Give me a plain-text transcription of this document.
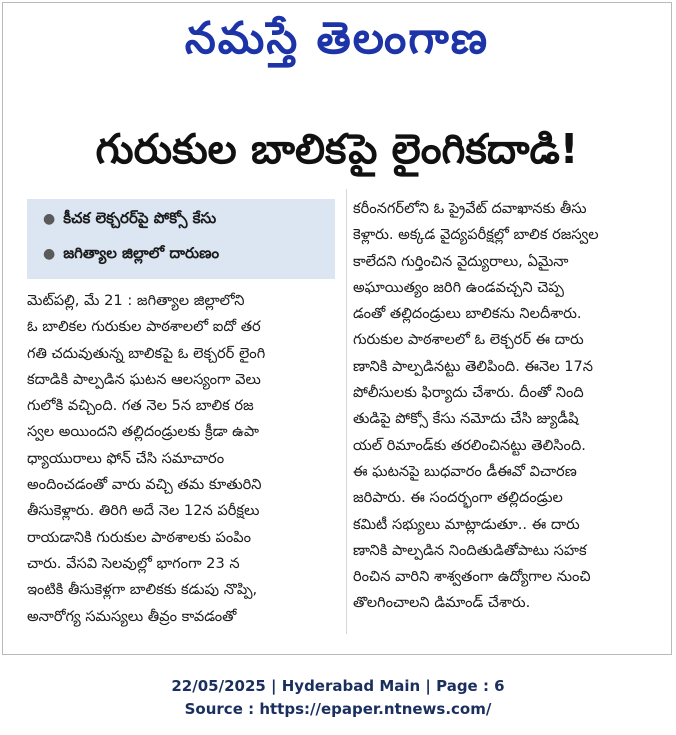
నమస్తే తెలంగాణ
గురుకుల బాలికపై లైంగికదాడి!
● కీచక లెక్చరర్‌పై పోక్సో కేసు
● జగిత్యాల జిల్లాలో దారుణం
మెట్‌పల్లి, మే 21 : జగిత్యాల జిల్లాలోని
ఓ బాలికల గురుకుల పాఠశాలలో ఐదో తర
గతి చదువుతున్న బాలికపై ఓ లెక్చరర్ లైంగి
కదాడికి పాల్పడిన ఘటన ఆలస్యంగా వెలు
గులోకి వచ్చింది. గత నెల 5న బాలిక రజ
స్వల అయిందని తల్లిదండ్రులకు క్రీడా ఉపా
ధ్యాయురాలు ఫోన్ చేసి సమాచారం
అందించడంతో వారు వచ్చి తమ కూతురిని
తీసుకెళ్లారు. తిరిగి అదే నెల 12న పరీక్షలు
రాయడానికి గురుకుల పాఠశాలకు పంపిం
చారు. వేసవి సెలవుల్లో భాగంగా 23 న
ఇంటికి తీసుకెళ్లగా బాలికకు కడుపు నొప్పి,
అనారోగ్య సమస్యలు తీవ్రం కావడంతో
కరీంనగర్‌లోని ఓ ప్రైవేట్ దవాఖానకు తీసు
కెళ్లారు. అక్కడ వైద్యపరీక్షల్లో బాలిక రజస్వల
కాలేదని గుర్తించిన వైద్యురాలు, ఏమైనా
అఘాయిత్యం జరిగి ఉండవచ్చని చెప్ప
డంతో తల్లిదండ్రులు బాలికను నిలదీశారు.
గురుకుల పాఠశాలలో ఓ లెక్చరర్ ఈ దారు
ణానికి పాల్పడినట్టు తెలిపింది. ఈనెల 17న
పోలీసులకు ఫిర్యాదు చేశారు. దీంతో నింది
తుడిపై పోక్సో కేసు నమోదు చేసి జ్యుడీషి
యల్ రిమాండ్‌కు తరలించినట్టు తెలిసింది.
ఈ ఘటనపై బుధవారం డీఈవో విచారణ
జరిపారు. ఈ సందర్భంగా తల్లిదండ్రుల
కమిటీ సభ్యులు మాట్లాడుతూ.. ఈ దారు
ణానికి పాల్పడిన నిందితుడితోపాటు సహక
రించిన వారిని శాశ్వతంగా ఉద్యోగాల నుంచి
తొలగించాలని డిమాండ్ చేశారు.
22/05/2025 | Hyderabad Main | Page : 6
Source : https://epaper.ntnews.com/
